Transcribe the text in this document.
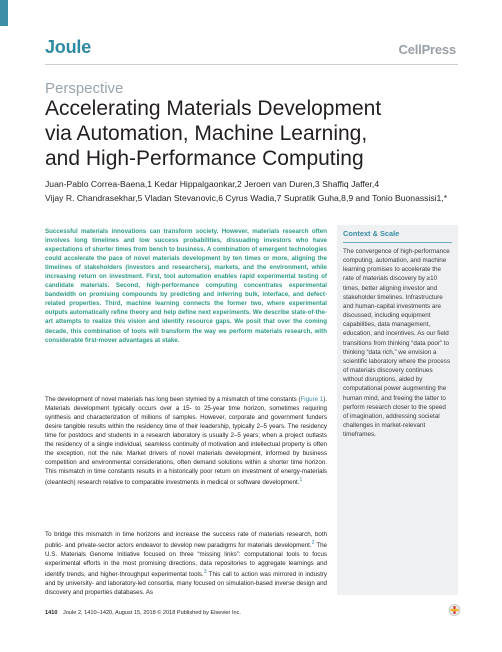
Joule	CellPress
Perspective
Accelerating Materials Development
via Automation, Machine Learning,
and High-Performance Computing
Juan-Pablo Correa-Baena,1 Kedar Hippalgaonkar,2 Jeroen van Duren,3 Shaffiq Jaffer,4
Vijay R. Chandrasekhar,5 Vladan Stevanovic,6 Cyrus Wadia,7 Supratik Guha,8,9 and Tonio Buonassisi1,*

Successful materials innovations can transform society. However, materials research often involves long timelines and low success probabilities, dissuading investors who have expectations of shorter times from bench to business. A combination of emergent technologies could accelerate the pace of novel materials development by ten times or more, aligning the timelines of stakeholders (investors and researchers), markets, and the environment, while increasing return on investment. First, tool automation enables rapid experimental testing of candidate materials. Second, high-performance computing concentrates experimental bandwidth on promising compounds by predicting and inferring bulk, interface, and defect-related properties. Third, machine learning connects the former two, where experimental outputs automatically refine theory and help define next experiments. We describe state-of-the-art attempts to realize this vision and identify resource gaps. We posit that over the coming decade, this combination of tools will transform the way we perform materials research, with considerable first-mover advantages at stake.

Context & Scale

The convergence of high-performance computing, automation, and machine learning promises to accelerate the rate of materials discovery by ≥10 times, better aligning investor and stakeholder timelines. Infrastructure and human-capital investments are discussed, including equipment capabilities, data management, education, and incentives. As our field transitions from thinking “data poor” to thinking “data rich,” we envision a scientific laboratory where the process of materials discovery continues without disruptions, aided by computational power augmenting the human mind, and freeing the latter to perform research closer to the speed of imagination, addressing societal challenges in market-relevant timeframes.

The development of novel materials has long been stymied by a mismatch of time constants (Figure 1). Materials development typically occurs over a 15- to 25-year time horizon, sometimes requiring synthesis and characterization of millions of samples. However, corporate and government funders desire tangible results within the residency time of their leadership, typically 2–5 years. The residency time for postdocs and students in a research laboratory is usually 2–5 years; when a project outlasts the residency of a single individual, seamless continuity of motivation and intellectual property is often the exception, not the rule. Market drivers of novel materials development, informed by business competition and environmental considerations, often demand solutions within a shorter time horizon. This mismatch in time constants results in a historically poor return on investment of energy-materials (cleantech) research relative to comparable investments in medical or software development.$^1$

To bridge this mismatch in time horizons and increase the success rate of materials research, both public- and private-sector actors endeavor to develop new paradigms for materials development.$^2$ The U.S. Materials Genome Initiative focused on three “missing links”: computational tools to focus experimental efforts in the most promising directions, data repositories to aggregate learnings and identify trends, and higher-throughput experimental tools.$^3$ This call to action was mirrored in industry and by university- and laboratory-led consortia, many focused on simulation-based inverse design and discovery and properties databases. As

1410 Joule 2, 1410–1420, August 15, 2018 © 2018 Published by Elsevier Inc.
